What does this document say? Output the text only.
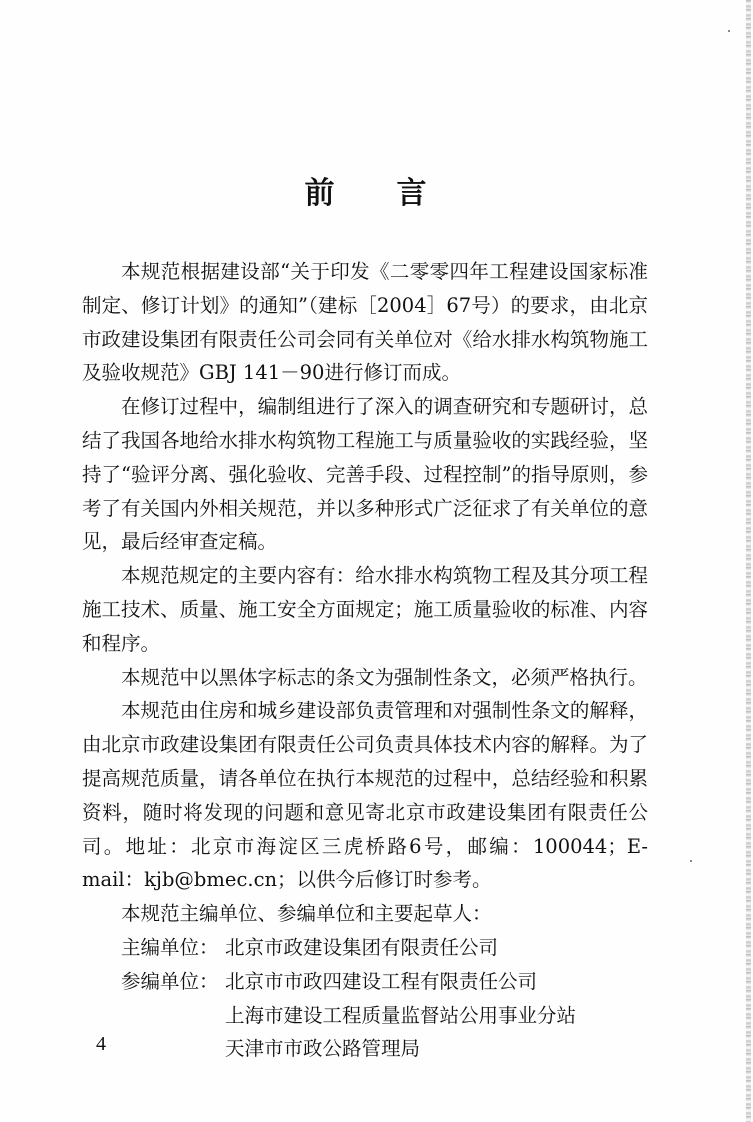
前言

本规范根据建设部“关于印发《二零零四年工程建设国家标准制定、修订计划》的通知”（建标［2004］67号）的要求，由北京市政建设集团有限责任公司会同有关单位对《给水排水构筑物施工及验收规范》GBJ 141－90进行修订而成。

在修订过程中，编制组进行了深入的调查研究和专题研讨，总结了我国各地给水排水构筑物工程施工与质量验收的实践经验，坚持了“验评分离、强化验收、完善手段、过程控制”的指导原则，参考了有关国内外相关规范，并以多种形式广泛征求了有关单位的意见，最后经审查定稿。

本规范规定的主要内容有：给水排水构筑物工程及其分项工程施工技术、质量、施工安全方面规定；施工质量验收的标准、内容和程序。

本规范中以黑体字标志的条文为强制性条文，必须严格执行。

本规范由住房和城乡建设部负责管理和对强制性条文的解释，由北京市政建设集团有限责任公司负责具体技术内容的解释。为了提高规范质量，请各单位在执行本规范的过程中，总结经验和积累资料，随时将发现的问题和意见寄北京市政建设集团有限责任公司。地址：北京市海淀区三虎桥路6号，邮编：100044；E-mail：kjb@bmec.cn；以供今后修订时参考。

本规范主编单位、参编单位和主要起草人：
主编单位： 北京市政建设集团有限责任公司
参编单位： 北京市市政四建设工程有限责任公司
上海市建设工程质量监督站公用事业分站
天津市市政公路管理局
4
